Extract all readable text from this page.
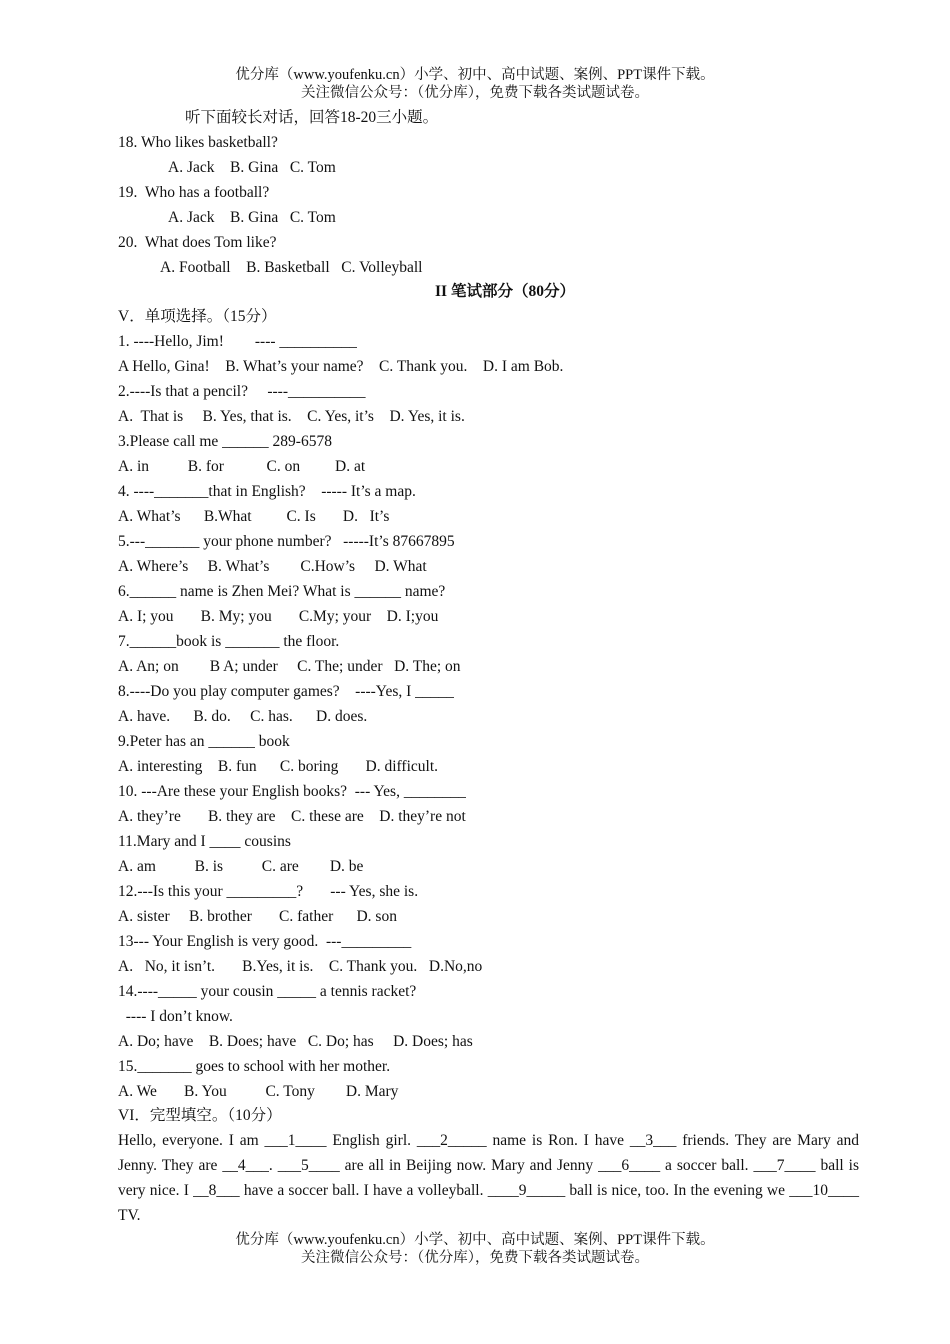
优分库（www.youfenku.cn）小学、初中、高中试题、案例、PPT课件下载。
关注微信公众号：（优分库），免费下载各类试题试卷。
听下面较长对话，回答18-20三小题。
18. Who likes basketball?
A. Jack    B. Gina   C. Tom
19.  Who has a football?
A. Jack    B. Gina   C. Tom
20.  What does Tom like?
A. Football    B. Basketball   C. Volleyball
II 笔试部分（80分）
V．单项选择。（15分）
1. ----Hello, Jim!        ---- __________
A Hello, Gina!    B. What’s your name?    C. Thank you.    D. I am Bob.
2.----Is that a pencil?     ----__________
A.  That is     B. Yes, that is.    C. Yes, it’s    D. Yes, it is.
3.Please call me ______ 289-6578
A. in          B. for           C. on         D. at
4. ----_______that in English?    ----- It’s a map.
A. What’s      B.What         C. Is       D.   It’s
5.---_______ your phone number?   -----It’s 87667895
A. Where’s     B. What’s        C.How’s     D. What
6.______ name is Zhen Mei? What is ______ name?
A. I; you       B. My; you       C.My; your    D. I;you
7.______book is _______ the floor.
A. An; on        B A; under     C. The; under   D. The; on
8.----Do you play computer games?    ----Yes, I _____
A. have.      B. do.     C. has.      D. does.
9.Peter has an ______ book
A. interesting    B. fun      C. boring       D. difficult.
10. ---Are these your English books?  --- Yes, ________
A. they’re       B. they are    C. these are    D. they’re not
11.Mary and I ____ cousins
A. am          B. is          C. are        D. be
12.---Is this your _________?       --- Yes, she is.
A. sister     B. brother       C. father      D. son
13--- Your English is very good.  ---_________
A.   No, it isn’t.       B.Yes, it is.    C. Thank you.   D.No,no
14.----_____ your cousin _____ a tennis racket?
---- I don’t know.
A. Do; have    B. Does; have   C. Do; has     D. Does; has
15._______ goes to school with her mother.
A. We       B. You          C. Tony        D. Mary
VI．完型填空。（10分）
Hello, everyone. I am ___1____ English girl. ___2_____ name is Ron. I have __3___ friends. They are Mary and Jenny. They are __4___. ___5____ are all in Beijing now. Mary and Jenny ___6____ a soccer ball. ___7____ ball is very nice. I __8___ have a soccer ball. I have a volleyball. ____9_____ ball is nice, too. In the evening we ___10____ TV.
优分库（www.youfenku.cn）小学、初中、高中试题、案例、PPT课件下载。
关注微信公众号：（优分库），免费下载各类试题试卷。
